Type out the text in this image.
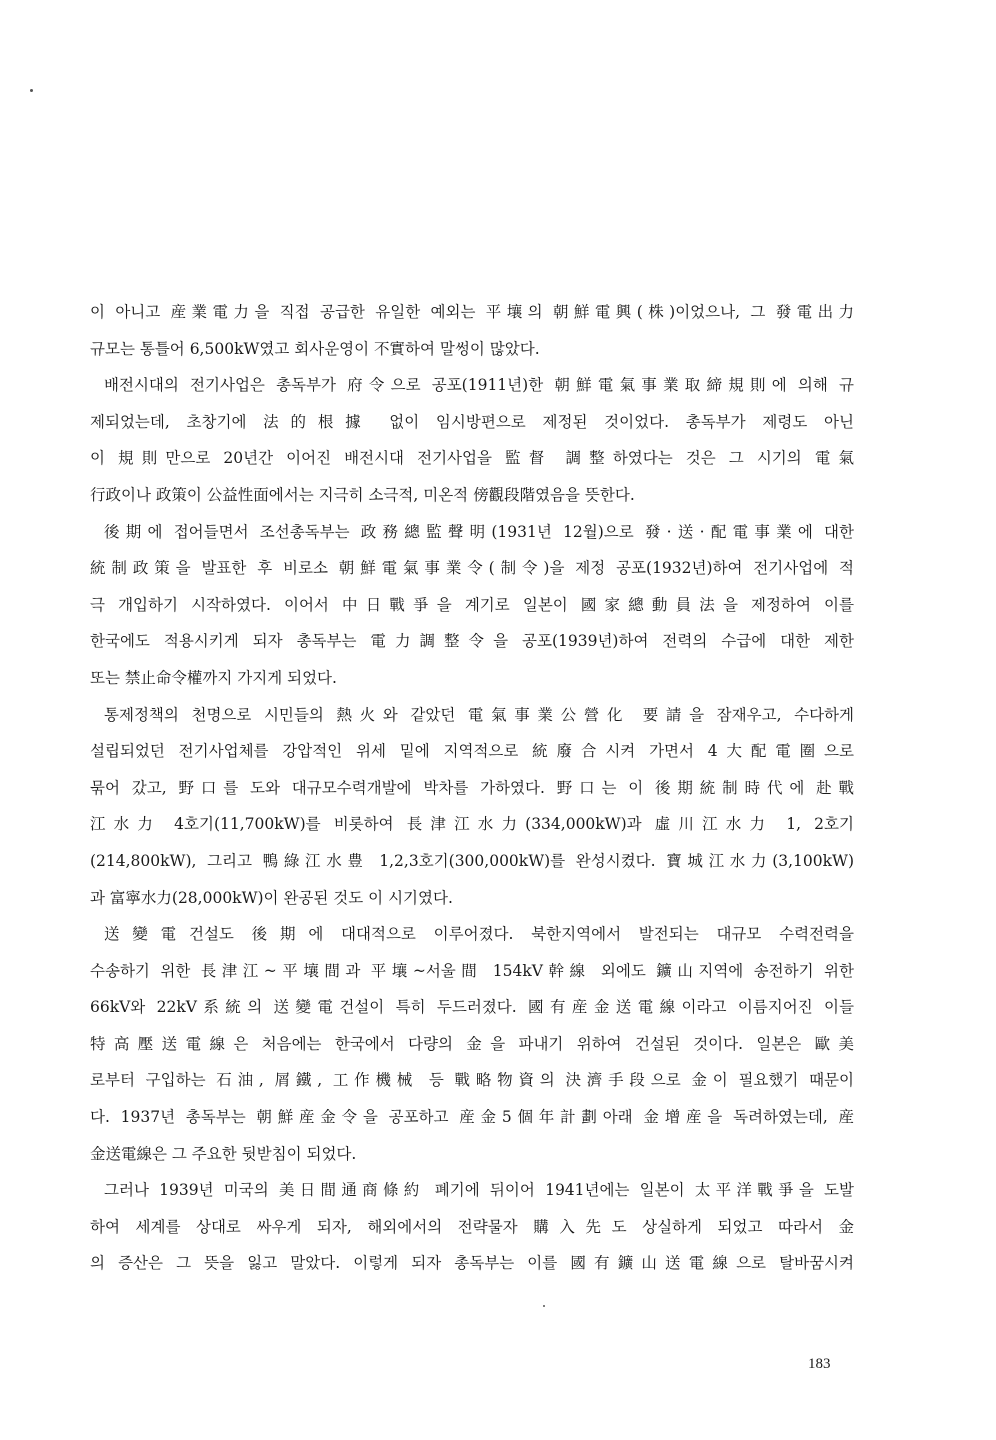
이 아니고 産業電力을 직접 공급한 유일한 예외는 平壤의 朝鮮電興(株)이었으나, 그 發電出力
규모는 통틀어 6,500kW였고 회사운영이 不實하여 말썽이 많았다.
배전시대의 전기사업은 총독부가 府令으로 공포(1911년)한 朝鮮電氣事業取締規則에 의해 규
제되었는데, 초창기에 法的根據 없이 임시방편으로 제정된 것이었다. 총독부가 제령도 아닌
이 規則만으로 20년간 이어진 배전시대 전기사업을 監督 調整하였다는 것은 그 시기의 電氣
行政이나 政策이 公益性面에서는 지극히 소극적, 미온적 傍觀段階였음을 뜻한다.
後期에 접어들면서 조선총독부는 政務總監聲明(1931년 12월)으로 發·送·配電事業에 대한
統制政策을 발표한 후 비로소 朝鮮電氣事業令(制令)을 제정 공포(1932년)하여 전기사업에 적
극 개입하기 시작하였다. 이어서 中日戰爭을 계기로 일본이 國家總動員法을 제정하여 이를
한국에도 적용시키게 되자 총독부는 電力調整令을 공포(1939년)하여 전력의 수급에 대한 제한
또는 禁止命令權까지 가지게 되었다.
통제정책의 천명으로 시민들의 熱火와 같았던 電氣事業公營化 要請을 잠재우고, 수다하게
설립되었던 전기사업체를 강압적인 위세 밑에 지역적으로 統廢合시켜 가면서 4大配電圈으로
묶어 갔고, 野口를 도와 대규모수력개발에 박차를 가하였다. 野口는 이 後期統制時代에 赴戰
江水力 4호기(11,700kW)를 비롯하여 長津江水力(334,000kW)과 虛川江水力 1, 2호기
(214,800kW), 그리고 鴨綠江水豊 1,2,3호기(300,000kW)를 완성시켰다. 寶城江水力(3,100kW)
과 富寧水力(28,000kW)이 완공된 것도 이 시기였다.
送變電건설도 後期에 대대적으로 이루어졌다. 북한지역에서 발전되는 대규모 수력전력을
수송하기 위한 長津江~平壤間과 平壤~서울間 154kV幹線 외에도 鑛山지역에 송전하기 위한
66kV와 22kV系統의 送變電건설이 특히 두드러졌다. 國有産金送電線이라고 이름지어진 이들
特高壓送電線은 처음에는 한국에서 다량의 金을 파내기 위하여 건설된 것이다. 일본은 歐美
로부터 구입하는 石油, 屑鐵, 工作機械 등 戰略物資의 決濟手段으로 金이 필요했기 때문이
다. 1937년 총독부는 朝鮮産金令을 공포하고 産金5個年計劃아래 金增産을 독려하였는데, 産
金送電線은 그 주요한 뒷받침이 되었다.
그러나 1939년 미국의 美日間通商條約 폐기에 뒤이어 1941년에는 일본이 太平洋戰爭을 도발
하여 세계를 상대로 싸우게 되자, 해외에서의 전략물자 購入先도 상실하게 되었고 따라서 金
의 증산은 그 뜻을 잃고 말았다. 이렇게 되자 총독부는 이를 國有鑛山送電線으로 탈바꿈시켜
183
